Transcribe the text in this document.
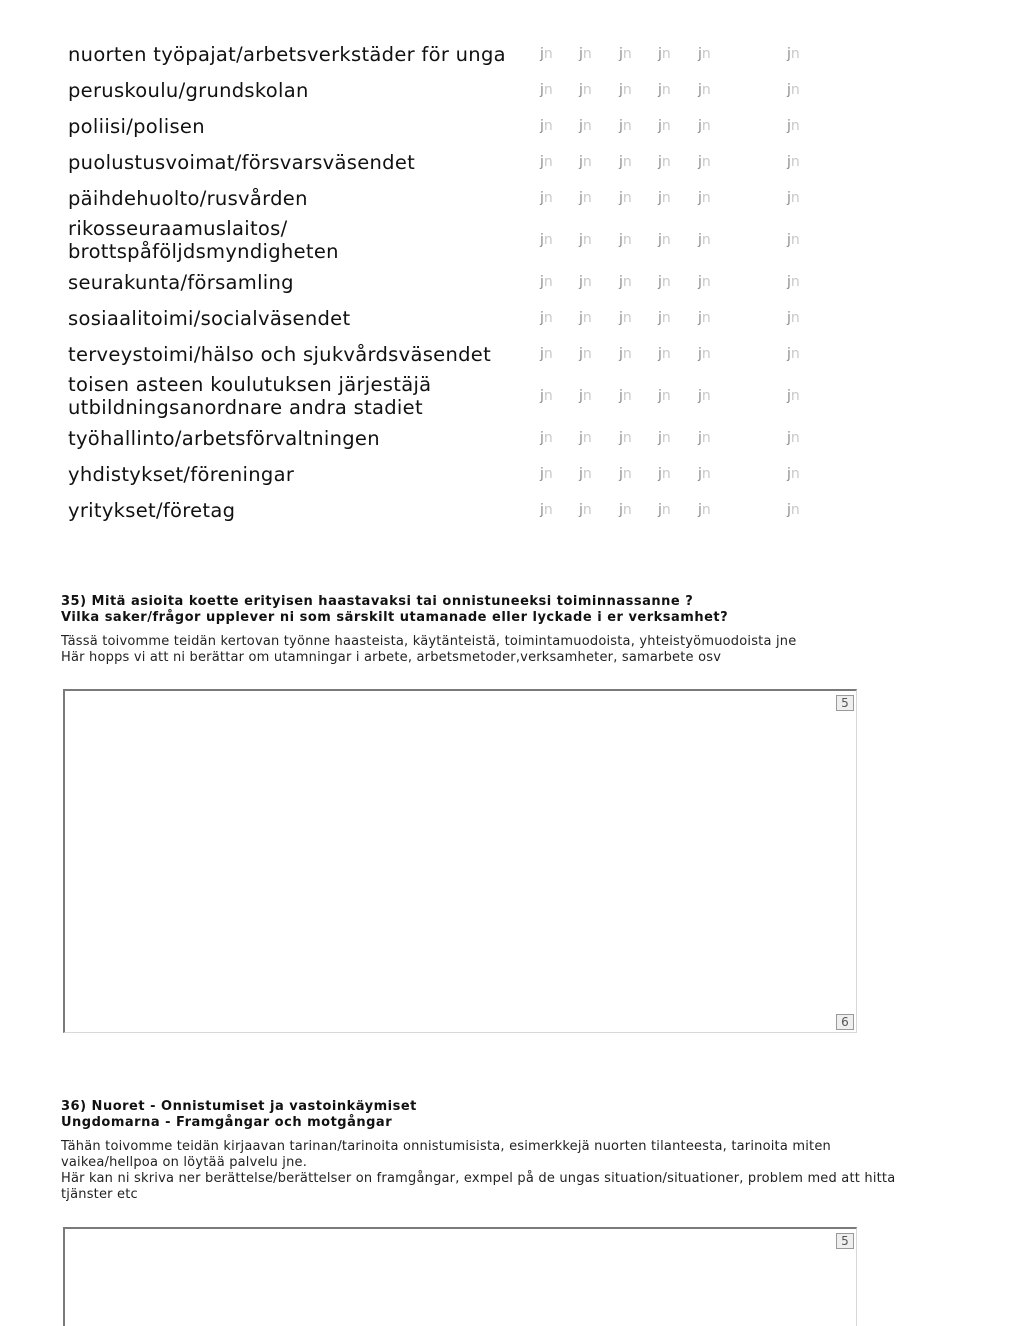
nuorten työpajat/arbetsverkstäder för unga	jn jn jn jn jn	jn
peruskoulu/grundskolan	jn jn jn jn jn	jn
poliisi/polisen	jn jn jn jn jn	jn
puolustusvoimat/försvarsväsendet	jn jn jn jn jn	jn
päihdehuolto/rusvården	jn jn jn jn jn	jn
rikosseuraamuslaitos/
brottspåföljdsmyndigheten	jn jn jn jn jn	jn
seurakunta/församling	jn jn jn jn jn	jn
sosiaalitoimi/socialväsendet	jn jn jn jn jn	jn
terveystoimi/hälso och sjukvårdsväsendet	jn jn jn jn jn	jn
toisen asteen koulutuksen järjestäjä
utbildningsanordnare andra stadiet	jn jn jn jn jn	jn
työhallinto/arbetsförvaltningen	jn jn jn jn jn	jn
yhdistykset/föreningar	jn jn jn jn jn	jn
yritykset/företag	jn jn jn jn jn	jn

35) Mitä asioita koette erityisen haastavaksi tai onnistuneeksi toiminnassanne ?

Vilka saker/frågor upplever ni som särskilt utamanade eller lyckade i er verksamhet?

Tässä toivomme teidän kertovan työnne haasteista, käytänteistä, toimintamuodoista, yhteistyömuodoista jne
Här hopps vi att ni berättar om utamningar i arbete, arbetsmetoder,verksamheter, samarbete osv
5
6

36) Nuoret - Onnistumiset ja vastoinkäymiset

Ungdomarna - Framgångar och motgångar

Tähän toivomme teidän kirjaavan tarinan/tarinoita onnistumisista, esimerkkejä nuorten tilanteesta, tarinoita miten vaikea/hellpoa on löytää palvelu jne.
Här kan ni skriva ner berättelse/berättelser on framgångar, exmpel på de ungas situation/situationer, problem med att hitta tjänster etc
5
